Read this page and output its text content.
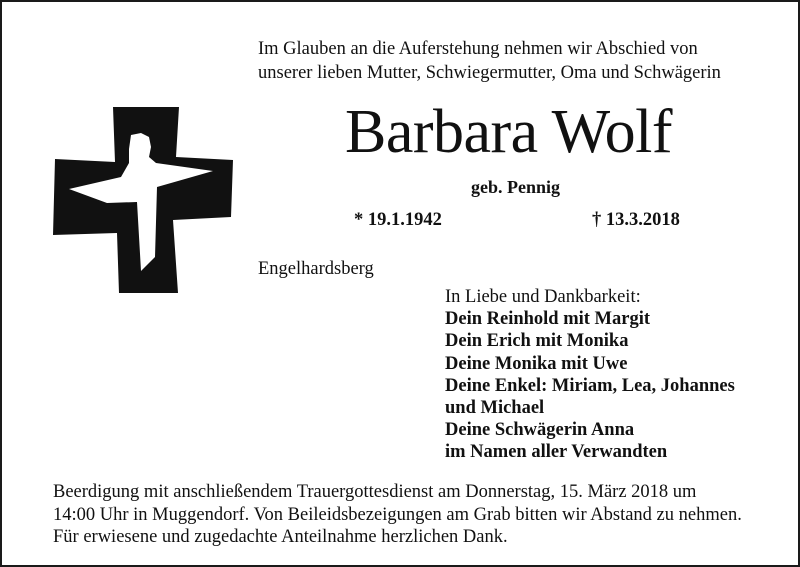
Im Glauben an die Auferstehung nehmen wir Abschied von
unserer lieben Mutter, Schwiegermutter, Oma und Schwägerin
Barbara Wolf
geb. Pennig
* 19.1.1942	† 13.3.2018
Engelhardsberg
In Liebe und Dankbarkeit:
Dein Reinhold mit Margit
Dein Erich mit Monika
Deine Monika mit Uwe
Deine Enkel: Miriam, Lea, Johannes
und Michael
Deine Schwägerin Anna
im Namen aller Verwandten
Beerdigung mit anschließendem Trauergottesdienst am Donnerstag, 15. März 2018 um
14:00 Uhr in Muggendorf. Von Beileidsbezeigungen am Grab bitten wir Abstand zu nehmen.
Für erwiesene und zugedachte Anteilnahme herzlichen Dank.
